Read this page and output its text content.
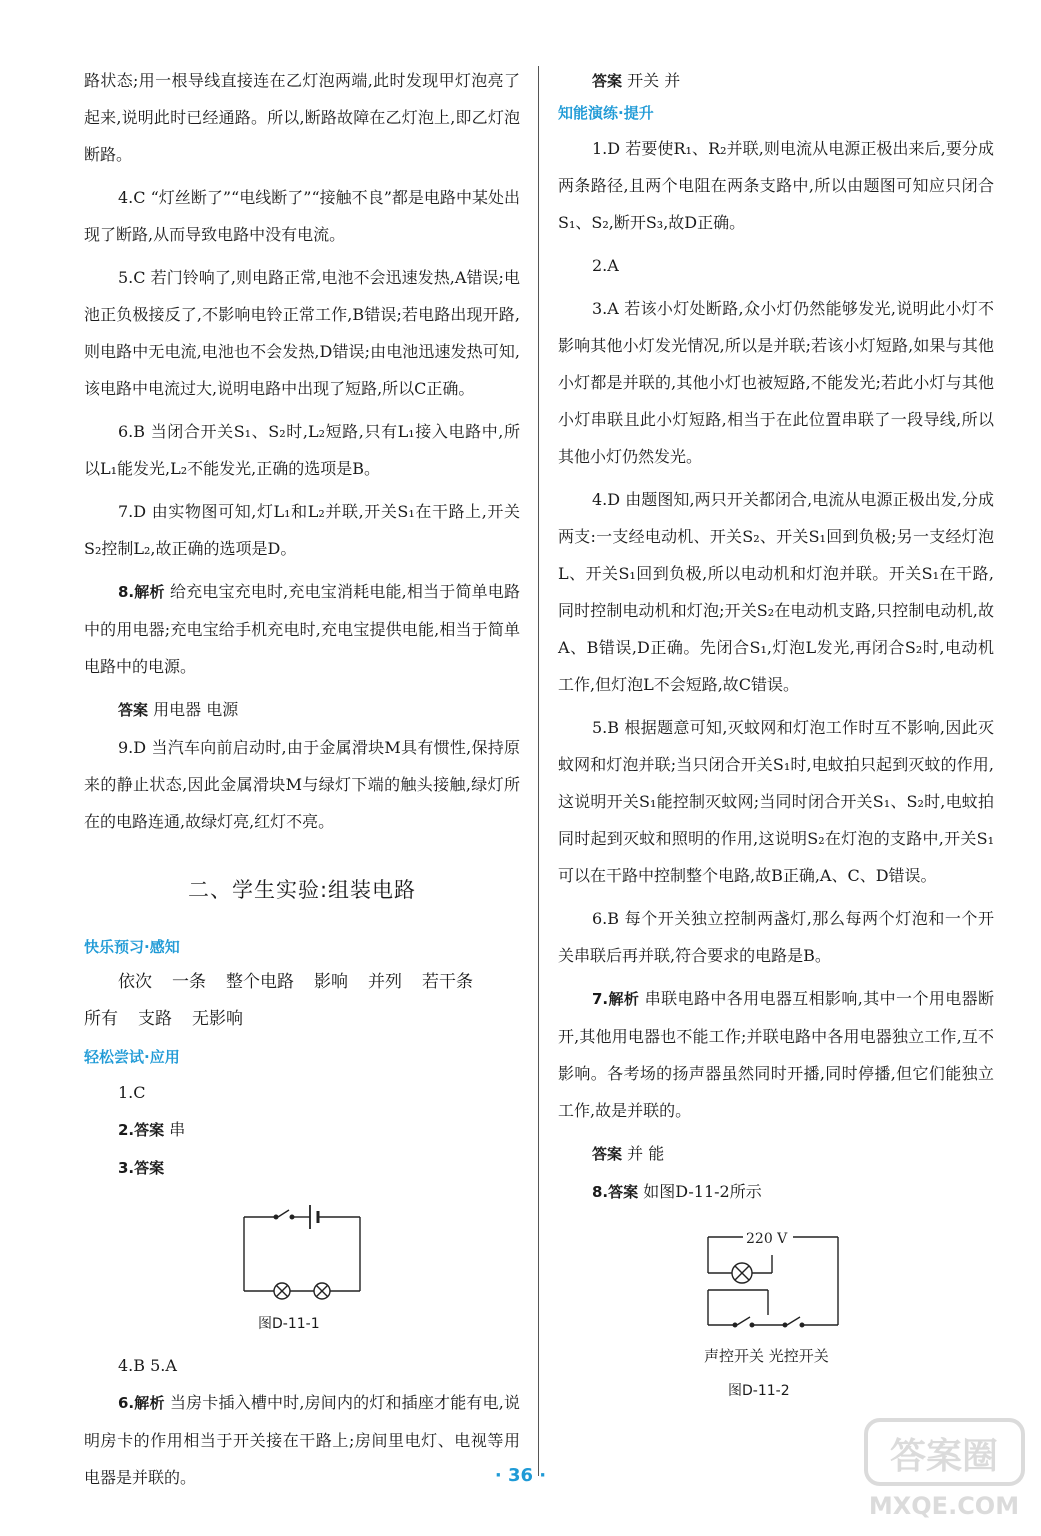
路状态;用一根导线直接连在乙灯泡两端,此时发现甲灯泡亮了起来,说明此时已经通路。所以,断路故障在乙灯泡上,即乙灯泡断路。

4.C “灯丝断了”“电线断了”“接触不良”都是电路中某处出现了断路,从而导致电路中没有电流。

5.C 若门铃响了,则电路正常,电池不会迅速发热,A错误;电池正负极接反了,不影响电铃正常工作,B错误;若电路出现开路,则电路中无电流,电池也不会发热,D错误;由电池迅速发热可知,该电路中电流过大,说明电路中出现了短路,所以C正确。

6.B 当闭合开关S₁、S₂时,L₂短路,只有L₁接入电路中,所以L₁能发光,L₂不能发光,正确的选项是B。

7.D 由实物图可知,灯L₁和L₂并联,开关S₁在干路上,开关S₂控制L₂,故正确的选项是D。

8.解析 给充电宝充电时,充电宝消耗电能,相当于简单电路中的用电器;充电宝给手机充电时,充电宝提供电能,相当于简单电路中的电源。

答案 用电器 电源

9.D 当汽车向前启动时,由于金属滑块M具有惯性,保持原来的静止状态,因此金属滑块M与绿灯下端的触头接触,绿灯所在的电路连通,故绿灯亮,红灯不亮。

二、学生实验:组装电路
快乐预习·感知

依次 一条 整个电路 影响 并列 若干条

所有 支路 无影响

轻松尝试·应用

1.C

2.答案 串

3.答案

图D-11-1

4.B 5.A

6.解析 当房卡插入槽中时,房间内的灯和插座才能有电,说明房卡的作用相当于开关接在干路上;房间里电灯、电视等用电器是并联的。

答案 开关 并

知能演练·提升

1.D 若要使R₁、R₂并联,则电流从电源正极出来后,要分成两条路径,且两个电阻在两条支路中,所以由题图可知应只闭合S₁、S₂,断开S₃,故D正确。

2.A

3.A 若该小灯处断路,众小灯仍然能够发光,说明此小灯不影响其他小灯发光情况,所以是并联;若该小灯短路,如果与其他小灯都是并联的,其他小灯也被短路,不能发光;若此小灯与其他小灯串联且此小灯短路,相当于在此位置串联了一段导线,所以其他小灯仍然发光。

4.D 由题图知,两只开关都闭合,电流从电源正极出发,分成两支:一支经电动机、开关S₂、开关S₁回到负极;另一支经灯泡L、开关S₁回到负极,所以电动机和灯泡并联。开关S₁在干路,同时控制电动机和灯泡;开关S₂在电动机支路,只控制电动机,故A、B错误,D正确。先闭合S₁,灯泡L发光,再闭合S₂时,电动机工作,但灯泡L不会短路,故C错误。

5.B 根据题意可知,灭蚊网和灯泡工作时互不影响,因此灭蚊网和灯泡并联;当只闭合开关S₁时,电蚊拍只起到灭蚊的作用,这说明开关S₁能控制灭蚊网;当同时闭合开关S₁、S₂时,电蚊拍同时起到灭蚊和照明的作用,这说明S₂在灯泡的支路中,开关S₁可以在干路中控制整个电路,故B正确,A、C、D错误。

6.B 每个开关独立控制两盏灯,那么每两个灯泡和一个开关串联后再并联,符合要求的电路是B。

7.解析 串联电路中各用电器互相影响,其中一个用电器断开,其他用电器也不能工作;并联电路中各用电器独立工作,互不影响。各考场的扬声器虽然同时开播,同时停播,但它们能独立工作,故是并联的。

答案 并 能

8.答案 如图D-11-2所示

220 V
声控开关 光控开关
图D-11-2
· 36 ·	答案圈
MXQE.COM
